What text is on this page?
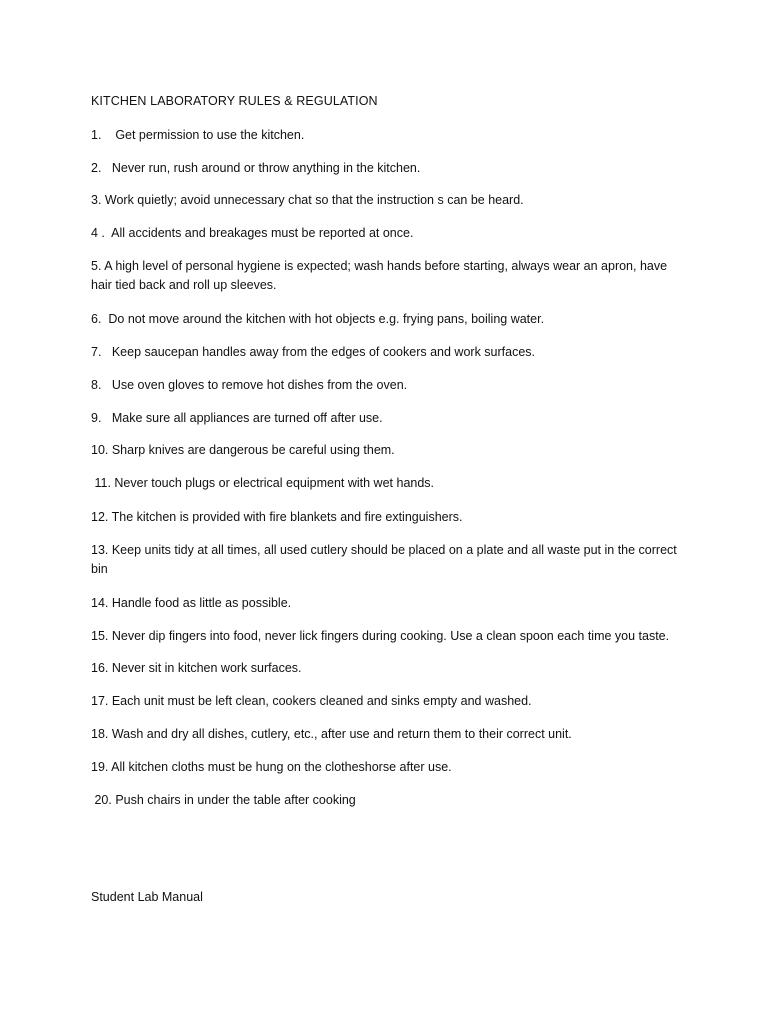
KITCHEN LABORATORY RULES & REGULATION
1.    Get permission to use the kitchen.
2.   Never run, rush around or throw anything in the kitchen.
3. Work quietly; avoid unnecessary chat so that the instruction s can be heard.
4 .  All accidents and breakages must be reported at once.
5. A high level of personal hygiene is expected; wash hands before starting, always wear an apron, have hair tied back and roll up sleeves.
6.  Do not move around the kitchen with hot objects e.g. frying pans, boiling water.
7.   Keep saucepan handles away from the edges of cookers and work surfaces.
8.   Use oven gloves to remove hot dishes from the oven.
9.   Make sure all appliances are turned off after use.
10. Sharp knives are dangerous be careful using them.
11. Never touch plugs or electrical equipment with wet hands.
12. The kitchen is provided with fire blankets and fire extinguishers.
13. Keep units tidy at all times, all used cutlery should be placed on a plate and all waste put in the correct bin
14. Handle food as little as possible.
15. Never dip fingers into food, never lick fingers during cooking. Use a clean spoon each time you taste.
16. Never sit in kitchen work surfaces.
17. Each unit must be left clean, cookers cleaned and sinks empty and washed.
18. Wash and dry all dishes, cutlery, etc., after use and return them to their correct unit.
19. All kitchen cloths must be hung on the clotheshorse after use.
20. Push chairs in under the table after cooking
Student Lab Manual
